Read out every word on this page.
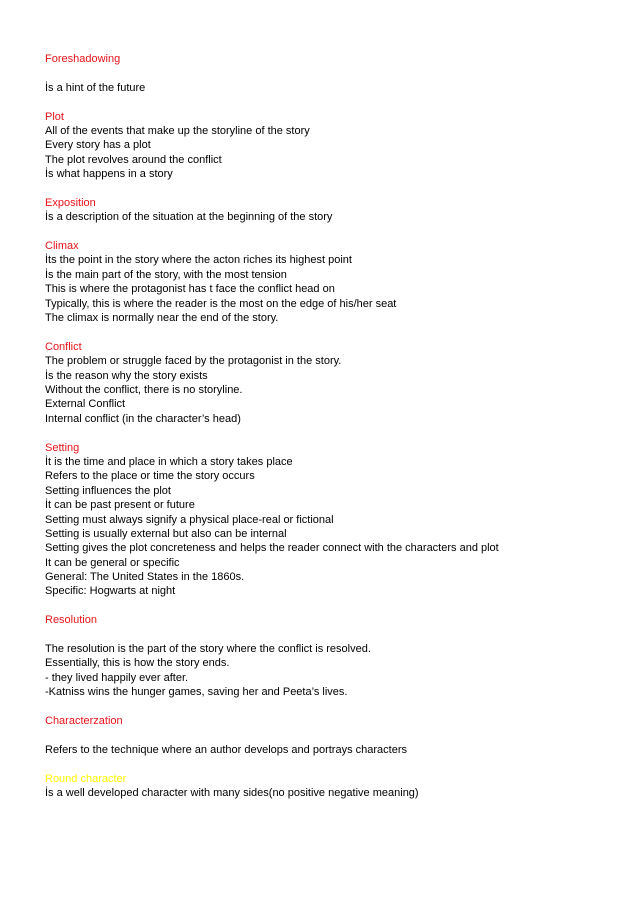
Foreshadowing
İs a hint of the future
Plot
All of the events that make up the storyline of the story
Every story has a plot
The plot revolves around the conflict
İs what happens in a story
Exposition
İs a description of the situation at the beginning of the story
Climax
İts the point in the story where the acton riches its highest point
İs the main part of the story, with the most tension
This is where the protagonist has t face the conflict head on
Typically, this is where the reader is the most on the edge of his/her seat
The climax is normally near the end of the story.
Conflict
The problem or struggle faced by the protagonist in the story.
İs the reason why the story exists
Without the conflict, there is no storyline.
External Conflict
Internal conflict (in the character’s head)
Setting
İt is the time and place in which a story takes place
Refers to the place or time the story occurs
Setting influences the plot
İt can be past present or future
Setting must always signify a physical place-real or fictional
Setting is usually external but also can be internal
Setting gives the plot concreteness and helps the reader connect with the characters and plot
It can be general or specific
General: The United States in the 1860s.
Specific: Hogwarts at night
Resolution
The resolution is the part of the story where the conflict is resolved.
Essentially, this is how the story ends.
- they lived happily ever after.
-Katniss wins the hunger games, saving her and Peeta’s lives.
Characterzation
Refers to the technique where an author develops and portrays characters
Round character
İs a well developed character with many sides(no positive negative meaning)
